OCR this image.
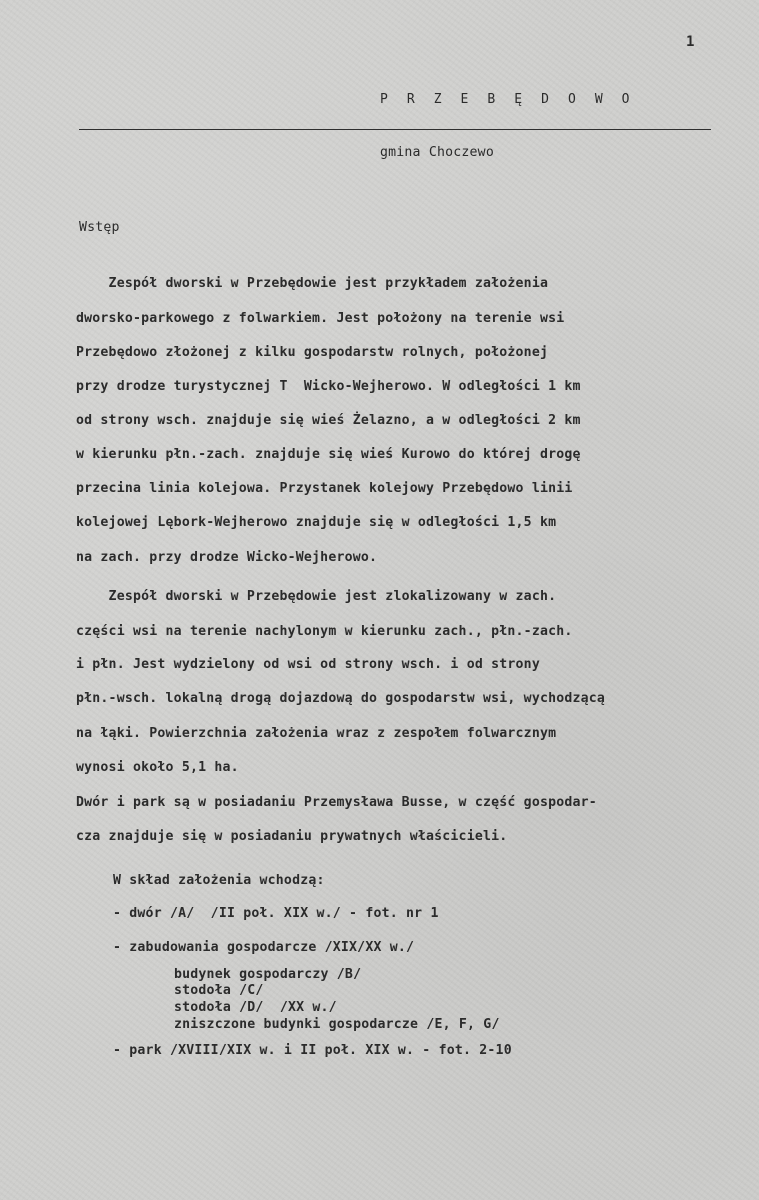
1
P R Z E B Ę D O W O
gmina Choczewo
Wstęp
Zespół dworski w Przebędowie jest przykładem założenia
dworsko-parkowego z folwarkiem. Jest położony na terenie wsi
Przebędowo złożonej z kilku gospodarstw rolnych, położonej
przy drodze turystycznej T  Wicko-Wejherowo. W odległości 1 km
od strony wsch. znajduje się wieś Żelazno, a w odległości 2 km
w kierunku płn.-zach. znajduje się wieś Kurowo do której drogę
przecina linia kolejowa. Przystanek kolejowy Przebędowo linii
kolejowej Lębork-Wejherowo znajduje się w odległości 1,5 km
na zach. przy drodze Wicko-Wejherowo.
Zespół dworski w Przebędowie jest zlokalizowany w zach.
części wsi na terenie nachylonym w kierunku zach., płn.-zach.
i płn. Jest wydzielony od wsi od strony wsch. i od strony
płn.-wsch. lokalną drogą dojazdową do gospodarstw wsi, wychodzącą
na łąki. Powierzchnia założenia wraz z zespołem folwarcznym
wynosi około 5,1 ha.
Dwór i park są w posiadaniu Przemysława Busse, w część gospodar-
cza znajduje się w posiadaniu prywatnych właścicieli.
W skład założenia wchodzą:
- dwór /A/  /II poł. XIX w./ - fot. nr 1
- zabudowania gospodarcze /XIX/XX w./
budynek gospodarczy /B/
stodoła /C/
stodoła /D/  /XX w./
zniszczone budynki gospodarcze /E, F, G/
- park /XVIII/XIX w. i II poł. XIX w. - fot. 2-10
